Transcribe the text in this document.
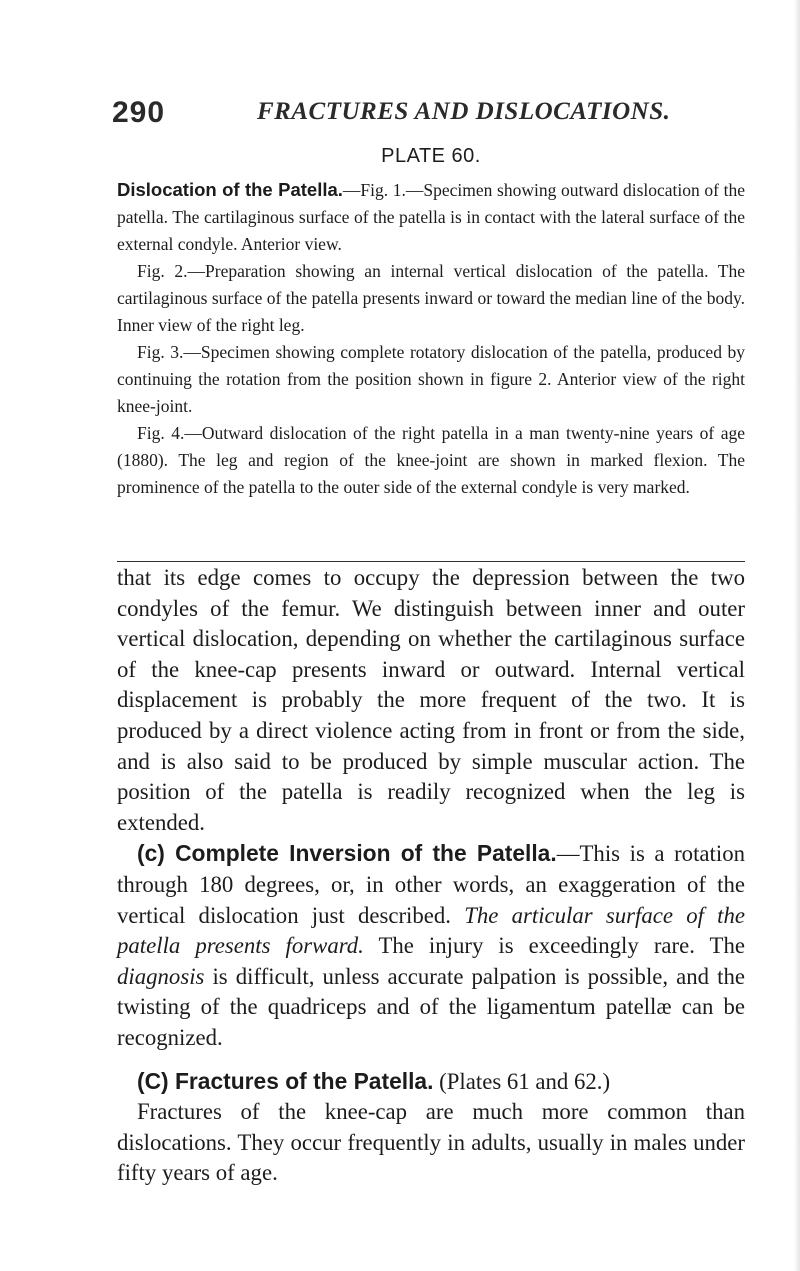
290	FRACTURES AND DISLOCATIONS.

PLATE 60.

Dislocation of the Patella.—Fig. 1.—Specimen showing outward dislocation of the patella. The cartilaginous surface of the patella is in contact with the lateral surface of the external condyle. Anterior view.

Fig. 2.—Preparation showing an internal vertical dislocation of the patella. The cartilaginous surface of the patella presents inward or toward the median line of the body. Inner view of the right leg.

Fig. 3.—Specimen showing complete rotatory dislocation of the patella, produced by continuing the rotation from the position shown in figure 2. Anterior view of the right knee-joint.

Fig. 4.—Outward dislocation of the right patella in a man twenty-nine years of age (1880). The leg and region of the knee-joint are shown in marked flexion. The prominence of the patella to the outer side of the external condyle is very marked.

that its edge comes to occupy the depression between the two condyles of the femur. We distinguish between inner and outer vertical dislocation, depending on whether the cartilaginous surface of the knee-cap presents inward or outward. Internal vertical displacement is probably the more frequent of the two. It is produced by a direct violence acting from in front or from the side, and is also said to be produced by simple muscular action. The position of the patella is readily recognized when the leg is extended.

(c) Complete Inversion of the Patella.—This is a rotation through 180 degrees, or, in other words, an exaggeration of the vertical dislocation just described. The articular surface of the patella presents forward. The injury is exceedingly rare. The diagnosis is difficult, unless accurate palpation is possible, and the twisting of the quadriceps and of the ligamentum patellæ can be recognized.

(C) Fractures of the Patella. (Plates 61 and 62.)

Fractures of the knee-cap are much more common than dislocations. They occur frequently in adults, usually in males under fifty years of age.
